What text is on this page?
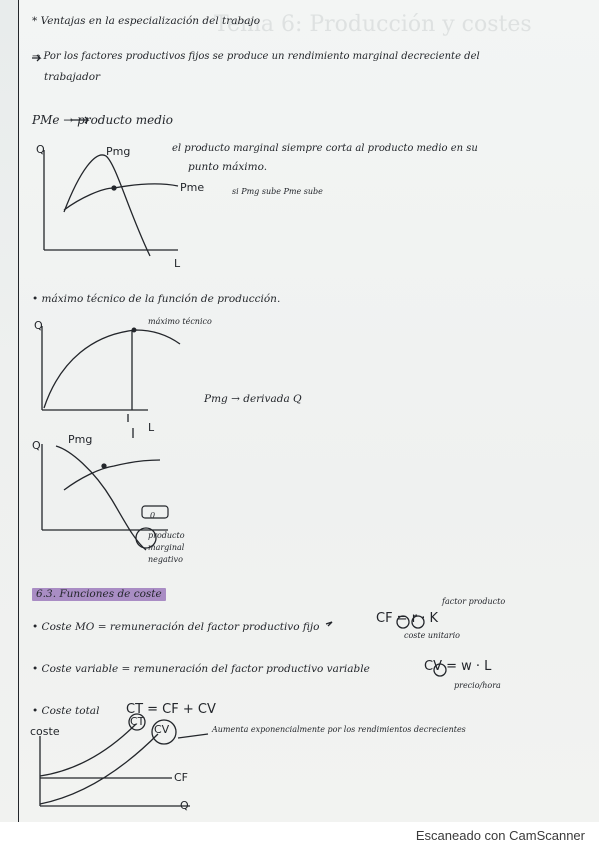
Tema 6: Producción y costes
* Ventajas en la especialización del trabajo
→ Por los factores productivos fijos se produce un rendimiento marginal decreciente del
trabajador
PMe → producto medio
el producto marginal siempre corta al producto medio en su
punto máximo.
si Pmg sube Pme sube
• máximo técnico de la función de producción.
Pmg → derivada Q
6.3. Funciones de coste
• Coste MO = remuneración del factor productivo fijo
factor producto
CF = r · K
coste unitario
• Coste variable = remuneración del factor productivo variable	CV = w · L
precio/hora
• Coste total CT = CF + CV
Aumenta exponencialmente por los rendimientos decrecientes
Q
L
Pmg
Pme
Q
L
máximo técnico
Q Pmg
0
producto
marginal
negativo
coste
Q
CT
CV
CF
Escaneado con CamScanner
